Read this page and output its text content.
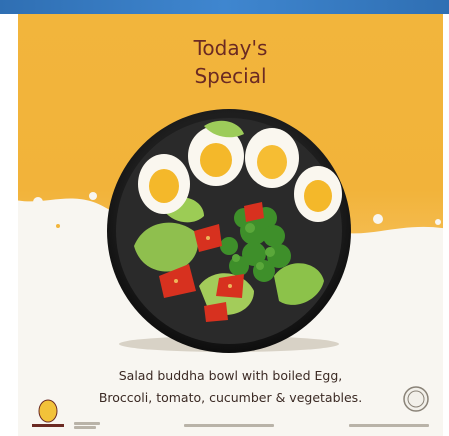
Today's
Special
Salad buddha bowl with boiled Egg,
Broccoli, tomato, cucumber & vegetables.
